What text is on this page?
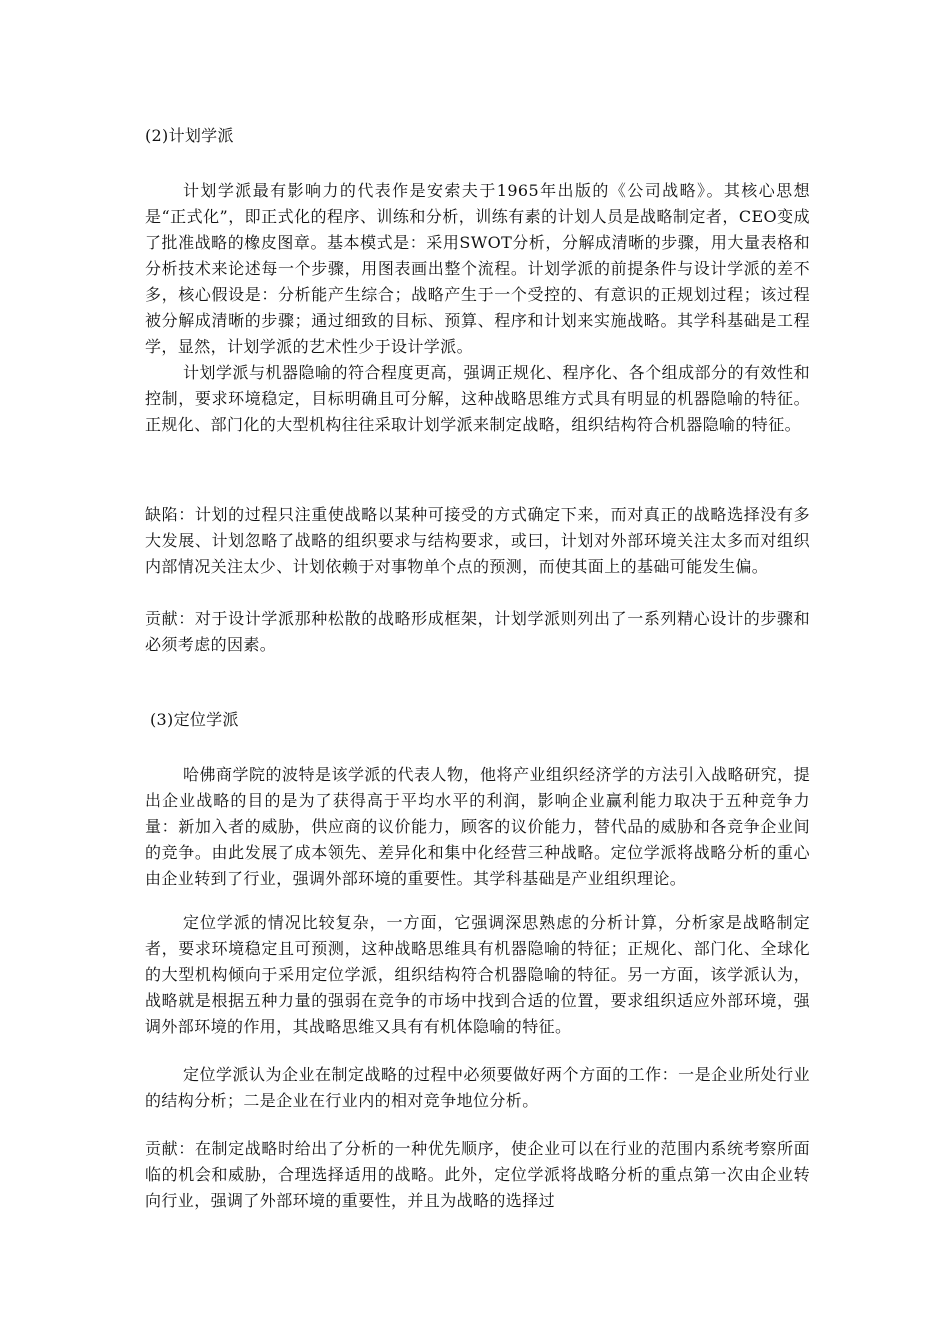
(2)计划学派

计划学派最有影响力的代表作是安索夫于1965年出版的《公司战略》。其核心思想是“正式化”，即正式化的程序、训练和分析，训练有素的计划人员是战略制定者，CEO变成了批准战略的橡皮图章。基本模式是：采用SWOT分析，分解成清晰的步骤，用大量表格和分析技术来论述每一个步骤，用图表画出整个流程。计划学派的前提条件与设计学派的差不多，核心假设是：分析能产生综合；战略产生于一个受控的、有意识的正规划过程；该过程被分解成清晰的步骤；通过细致的目标、预算、程序和计划来实施战略。其学科基础是工程学，显然，计划学派的艺术性少于设计学派。

计划学派与机器隐喻的符合程度更高，强调正规化、程序化、各个组成部分的有效性和控制，要求环境稳定，目标明确且可分解，这种战略思维方式具有明显的机器隐喻的特征。正规化、部门化的大型机构往往采取计划学派来制定战略，组织结构符合机器隐喻的特征。

缺陷：计划的过程只注重使战略以某种可接受的方式确定下来，而对真正的战略选择没有多大发展、计划忽略了战略的组织要求与结构要求，或曰，计划对外部环境关注太多而对组织内部情况关注太少、计划依赖于对事物单个点的预测，而使其面上的基础可能发生偏。

贡献：对于设计学派那种松散的战略形成框架，计划学派则列出了一系列精心设计的步骤和必须考虑的因素。

(3)定位学派

哈佛商学院的波特是该学派的代表人物，他将产业组织经济学的方法引入战略研究，提出企业战略的目的是为了获得高于平均水平的利润，影响企业赢利能力取决于五种竞争力量：新加入者的威胁，供应商的议价能力，顾客的议价能力，替代品的威胁和各竞争企业间的竞争。由此发展了成本领先、差异化和集中化经营三种战略。定位学派将战略分析的重心由企业转到了行业，强调外部环境的重要性。其学科基础是产业组织理论。

定位学派的情况比较复杂，一方面，它强调深思熟虑的分析计算，分析家是战略制定者，要求环境稳定且可预测，这种战略思维具有机器隐喻的特征；正规化、部门化、全球化的大型机构倾向于采用定位学派，组织结构符合机器隐喻的特征。另一方面，该学派认为，战略就是根据五种力量的强弱在竞争的市场中找到合适的位置，要求组织适应外部环境，强调外部环境的作用，其战略思维又具有有机体隐喻的特征。

定位学派认为企业在制定战略的过程中必须要做好两个方面的工作：一是企业所处行业的结构分析；二是企业在行业内的相对竞争地位分析。

贡献：在制定战略时给出了分析的一种优先顺序，使企业可以在行业的范围内系统考察所面临的机会和威胁，合理选择适用的战略。此外，定位学派将战略分析的重点第一次由企业转向行业，强调了外部环境的重要性，并且为战略的选择过
